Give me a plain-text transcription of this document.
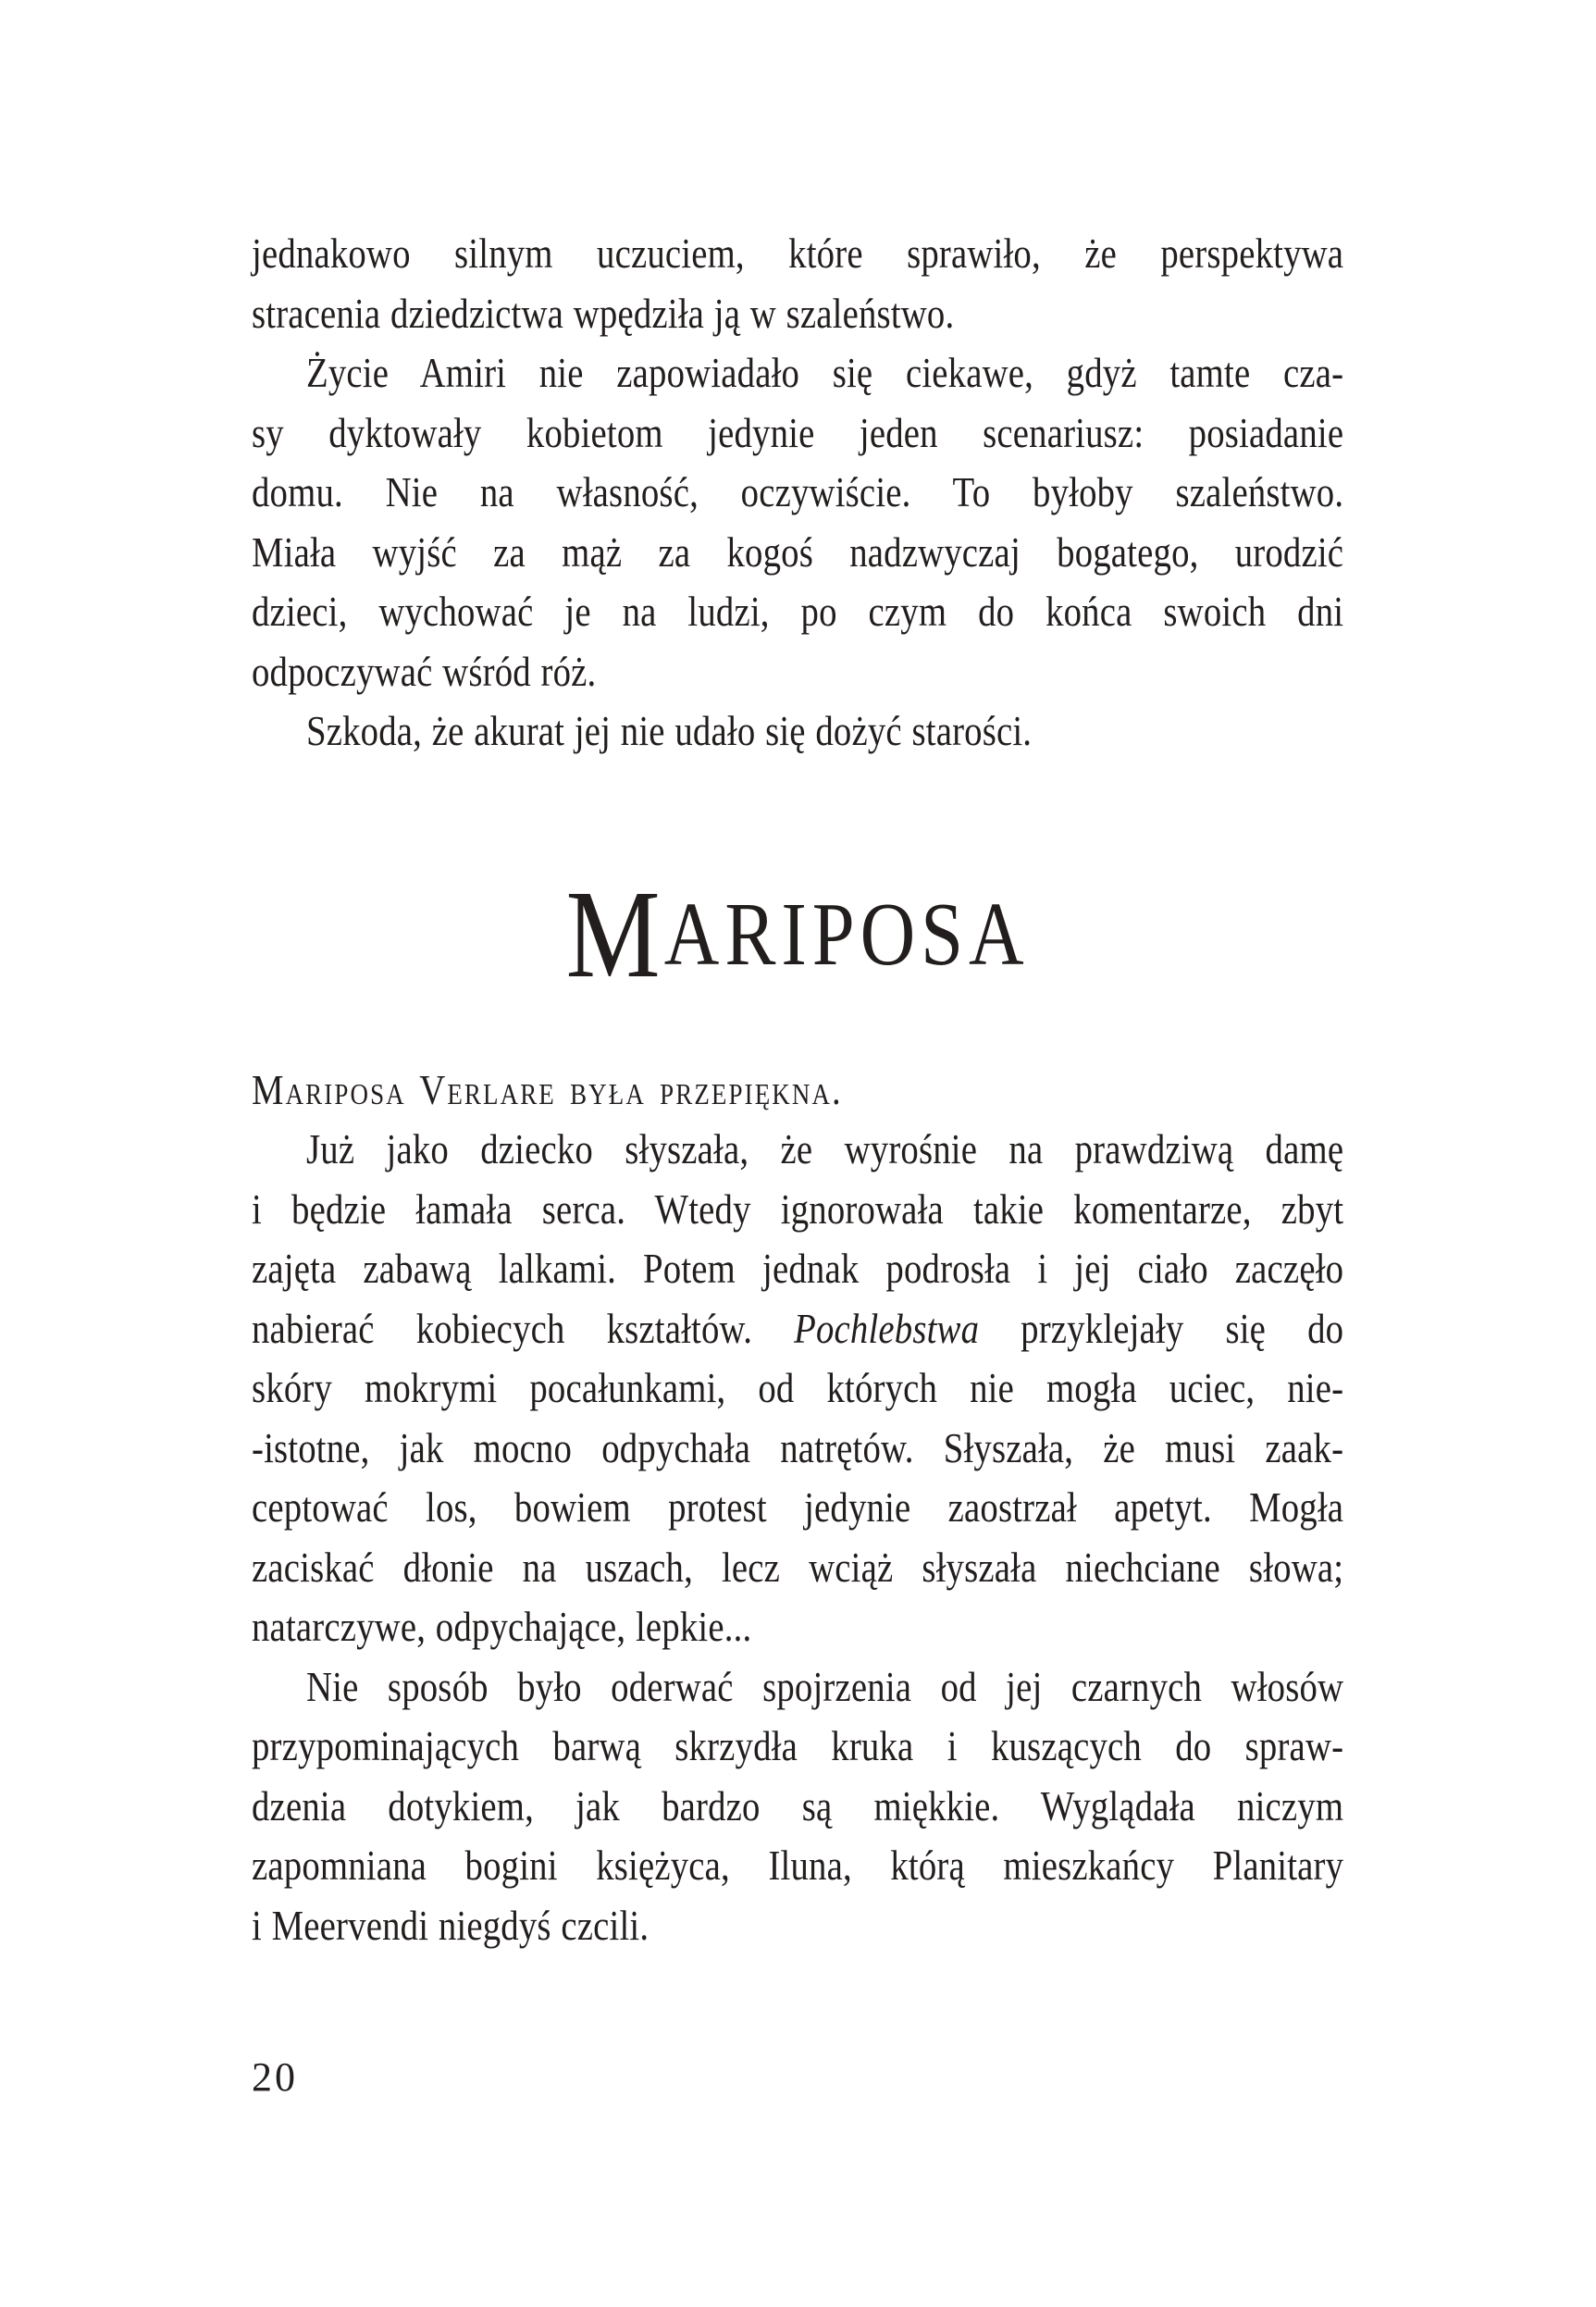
jednakowo silnym uczuciem, które sprawiło, że perspektywa
stracenia dziedzictwa wpędziła ją w szaleństwo.
Życie Amiri nie zapowiadało się ciekawe, gdyż tamte cza-
sy dyktowały kobietom jedynie jeden scenariusz: posiadanie
domu. Nie na własność, oczywiście. To byłoby szaleństwo.
Miała wyjść za mąż za kogoś nadzwyczaj bogatego, urodzić
dzieci, wychować je na ludzi, po czym do końca swoich dni
odpoczywać wśród róż.
Szkoda, że akurat jej nie udało się dożyć starości.
M
ARIPOSA
Mariposa Verlare była przepiękna.
Już jako dziecko słyszała, że wyrośnie na prawdziwą damę
i będzie łamała serca. Wtedy ignorowała takie komentarze, zbyt
zajęta zabawą lalkami. Potem jednak podrosła i jej ciało zaczęło
nabierać kobiecych kształtów. Pochlebstwa przyklejały się do
skóry mokrymi pocałunkami, od których nie mogła uciec, nie-
-istotne, jak mocno odpychała natrętów. Słyszała, że musi zaak-
ceptować los, bowiem protest jedynie zaostrzał apetyt. Mogła
zaciskać dłonie na uszach, lecz wciąż słyszała niechciane słowa;
natarczywe, odpychające, lepkie...
Nie sposób było oderwać spojrzenia od jej czarnych włosów
przypominających barwą skrzydła kruka i kuszących do spraw-
dzenia dotykiem, jak bardzo są miękkie. Wyglądała niczym
zapomniana bogini księżyca, Iluna, którą mieszkańcy Planitary
i Meervendi niegdyś czcili.
20
